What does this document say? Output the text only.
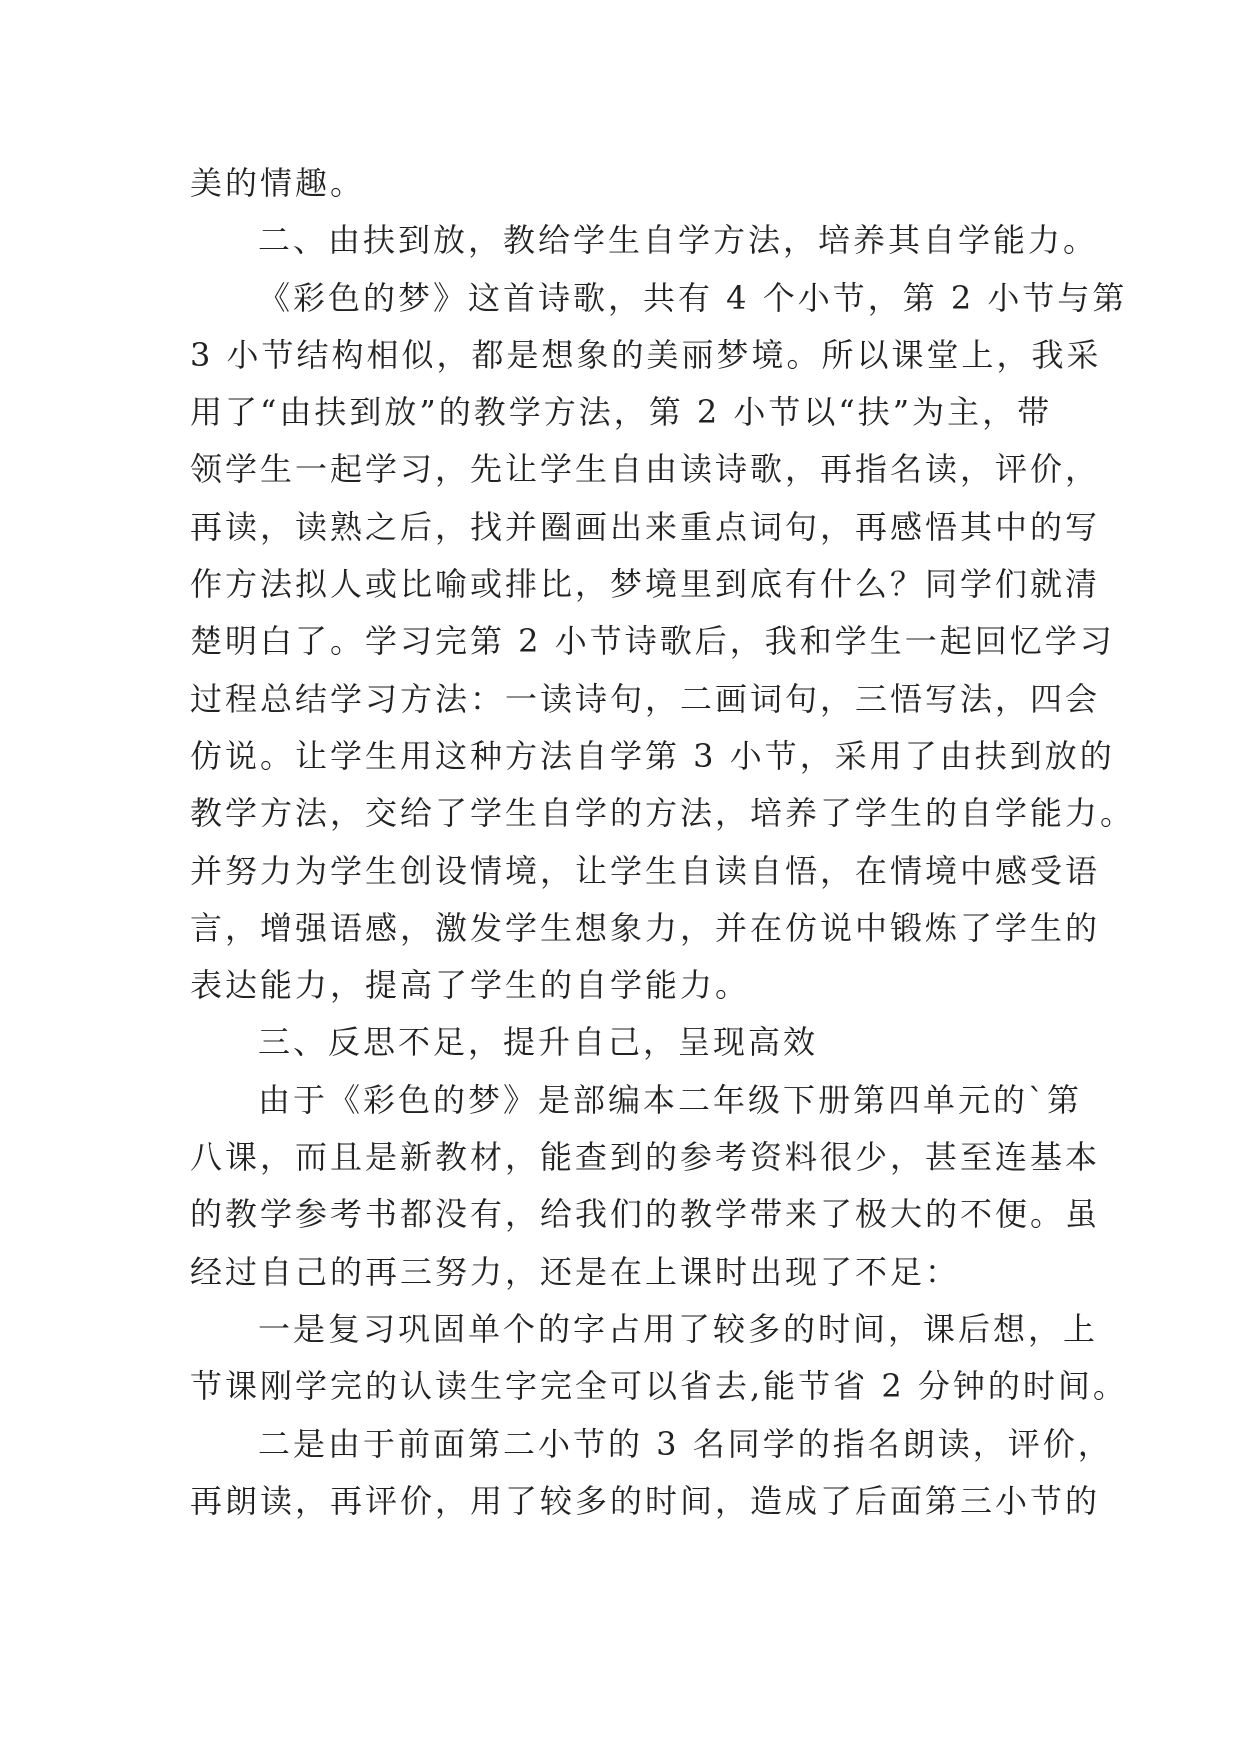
美的情趣。
二、由扶到放，教给学生自学方法，培养其自学能力。
《彩色的梦》这首诗歌，共有 4 个小节，第 2 小节与第
3 小节结构相似，都是想象的美丽梦境。所以课堂上，我采
用了“由扶到放”的教学方法，第 2 小节以“扶”为主，带
领学生一起学习，先让学生自由读诗歌，再指名读，评价，
再读，读熟之后，找并圈画出来重点词句，再感悟其中的写
作方法拟人或比喻或排比，梦境里到底有什么？同学们就清
楚明白了。学习完第 2 小节诗歌后，我和学生一起回忆学习
过程总结学习方法：一读诗句，二画词句，三悟写法，四会
仿说。让学生用这种方法自学第 3 小节，采用了由扶到放的
教学方法，交给了学生自学的方法，培养了学生的自学能力。
并努力为学生创设情境，让学生自读自悟，在情境中感受语
言，增强语感，激发学生想象力，并在仿说中锻炼了学生的
表达能力，提高了学生的自学能力。
三、反思不足，提升自己，呈现高效
由于《彩色的梦》是部编本二年级下册第四单元的`第
八课，而且是新教材，能查到的参考资料很少，甚至连基本
的教学参考书都没有，给我们的教学带来了极大的不便。虽
经过自己的再三努力，还是在上课时出现了不足：
一是复习巩固单个的字占用了较多的时间，课后想，上
节课刚学完的认读生字完全可以省去,能节省 2 分钟的时间。
二是由于前面第二小节的 3 名同学的指名朗读，评价，
再朗读，再评价，用了较多的时间，造成了后面第三小节的
